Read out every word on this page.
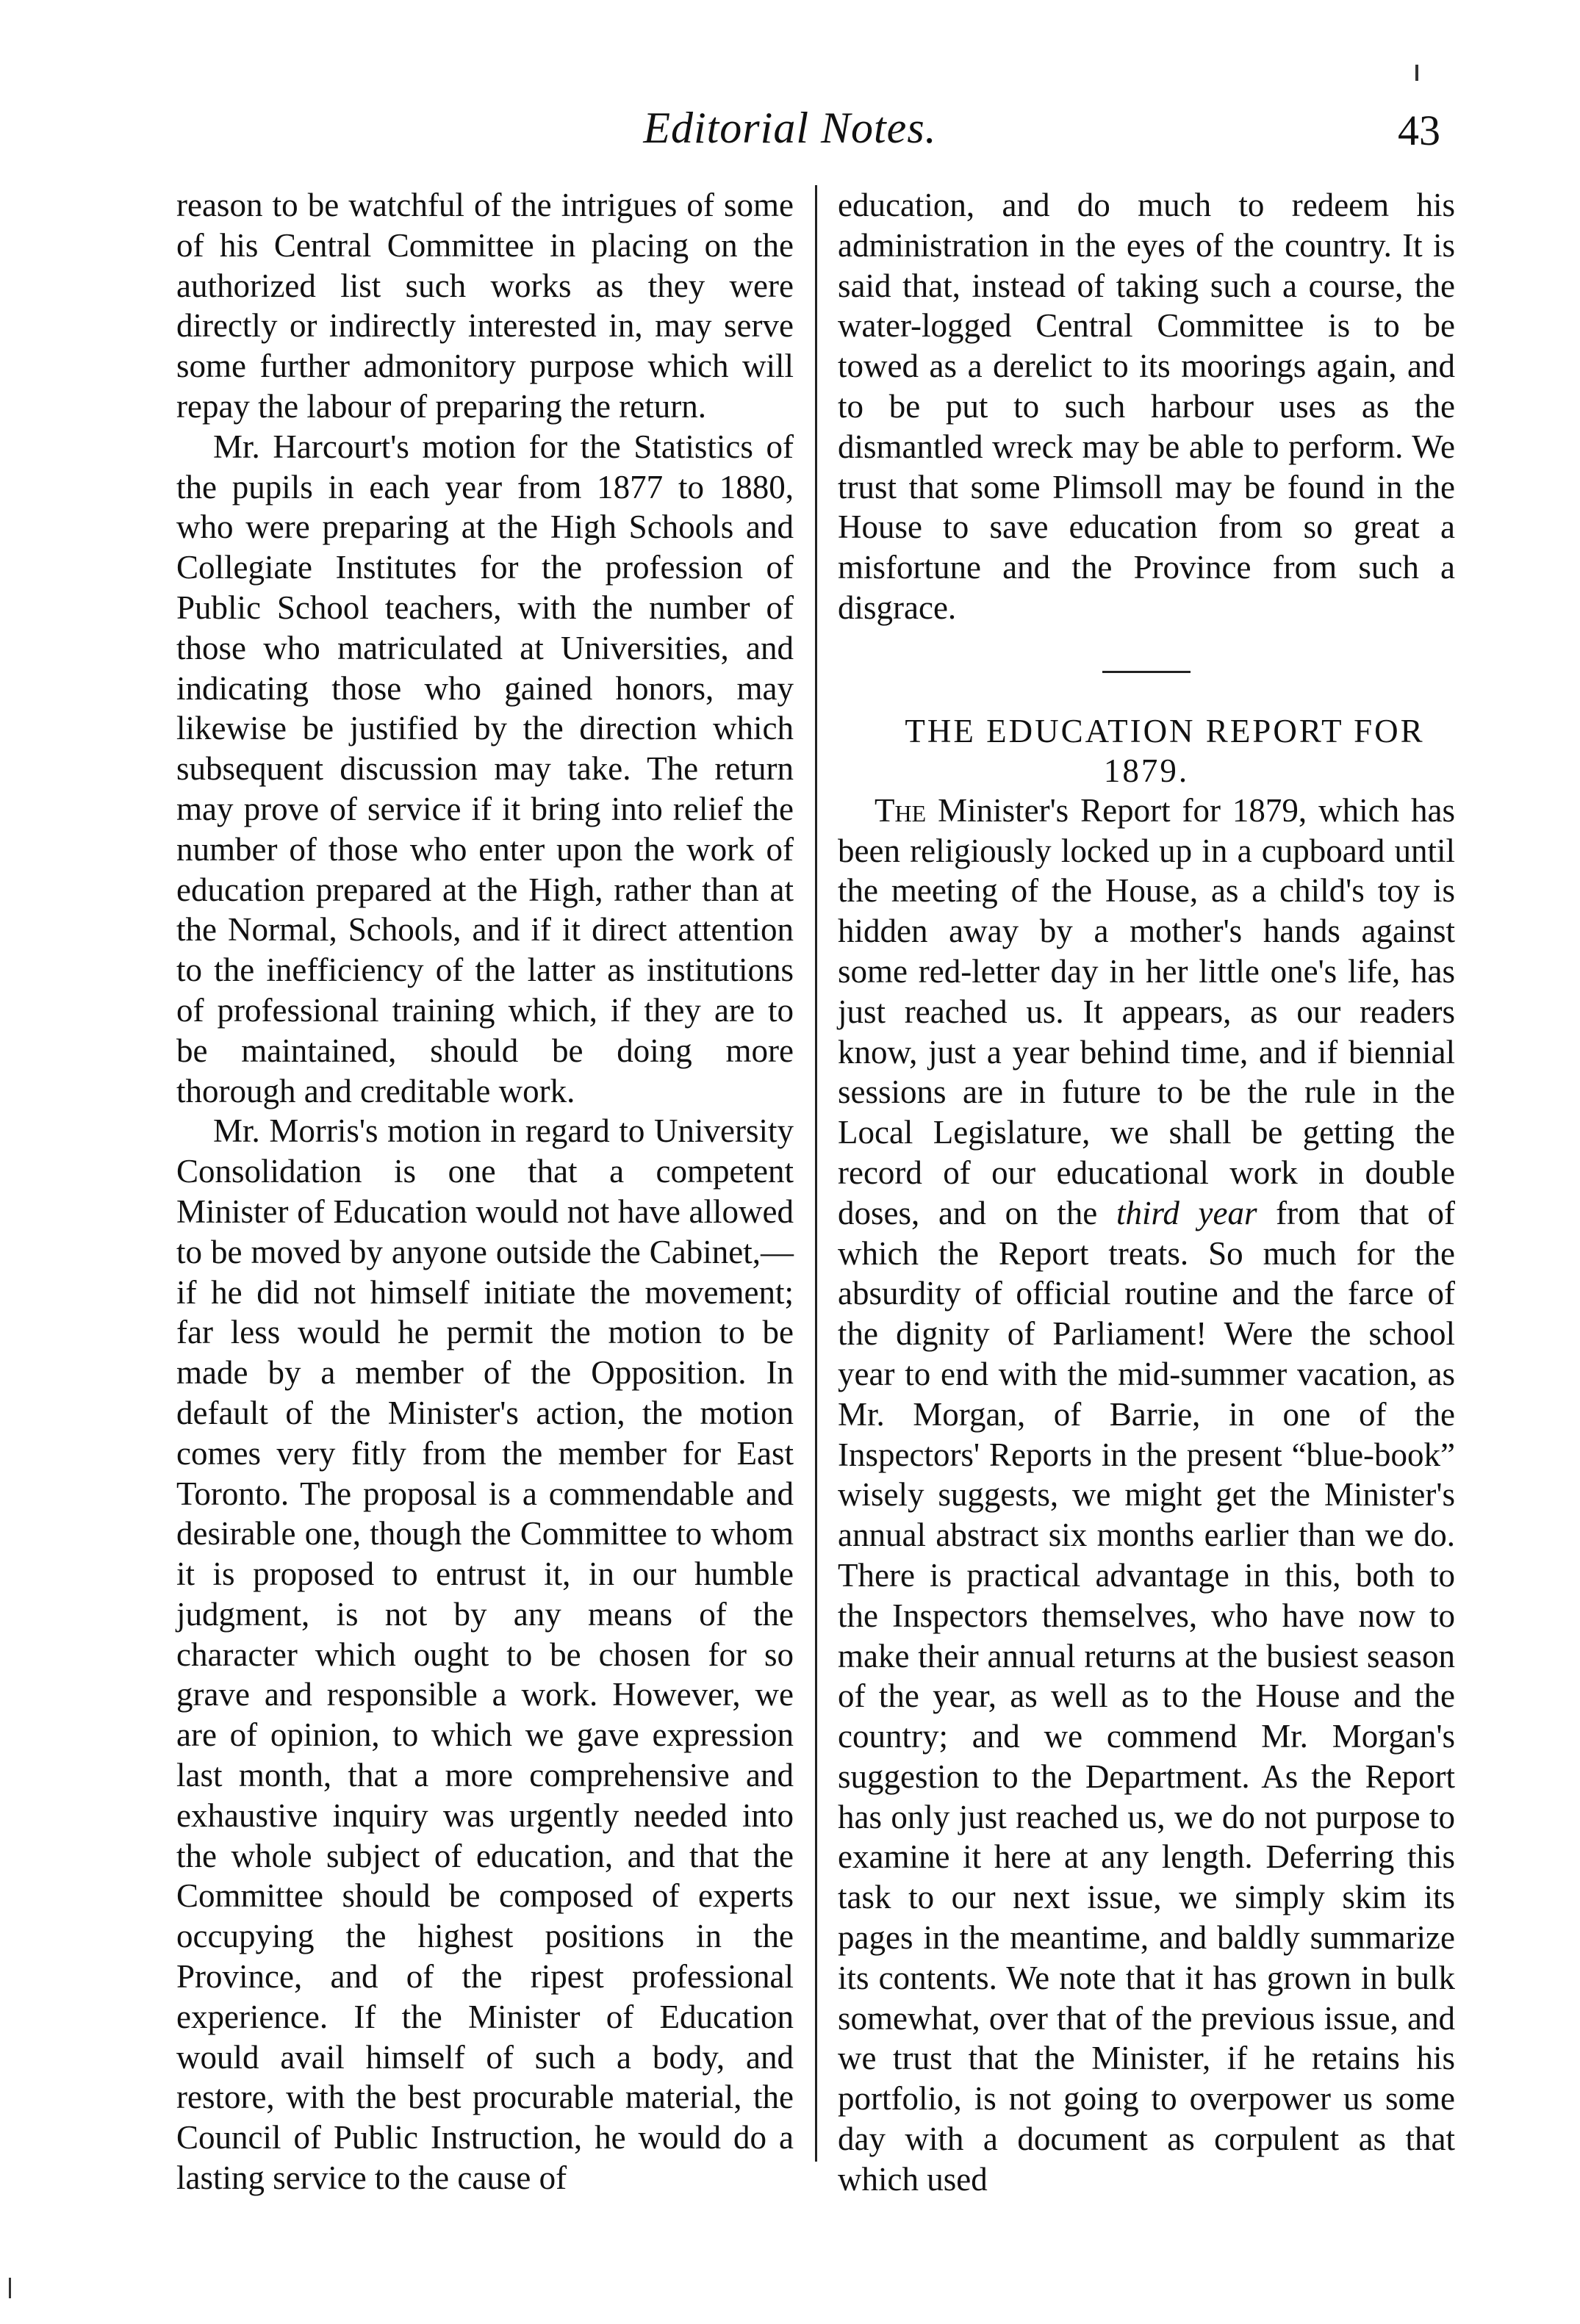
Editorial Notes.	43

reason to be watchful of the intrigues of some of his Central Committee in placing on the authorized list such works as they were directly or indirectly interested in, may serve some further admonitory purpose which will repay the labour of preparing the return.

Mr. Harcourt's motion for the Statistics of the pupils in each year from 1877 to 1880, who were preparing at the High Schools and Collegiate Institutes for the profession of Public School teachers, with the number of those who matriculated at Universities, and indicating those who gained honors, may likewise be justified by the direction which subsequent discussion may take. The return may prove of service if it bring into relief the number of those who enter upon the work of education prepared at the High, rather than at the Normal, Schools, and if it direct attention to the inefficiency of the latter as institutions of professional training which, if they are to be maintained, should be doing more thorough and creditable work.

Mr. Morris's motion in regard to University Consolidation is one that a competent Minister of Education would not have allowed to be moved by anyone outside the Cabinet,—if he did not himself initiate the movement; far less would he permit the motion to be made by a member of the Opposition. In default of the Minister's action, the motion comes very fitly from the member for East Toronto. The proposal is a commendable and desirable one, though the Committee to whom it is proposed to entrust it, in our humble judgment, is not by any means of the character which ought to be chosen for so grave and responsible a work. However, we are of opinion, to which we gave expression last month, that a more comprehensive and exhaustive inquiry was urgently needed into the whole subject of education, and that the Committee should be composed of experts occupying the highest positions in the Province, and of the ripest professional experience. If the Minister of Education would avail himself of such a body, and restore, with the best procurable material, the Council of Public Instruction, he would do a lasting service to the cause of

education, and do much to redeem his administration in the eyes of the country. It is said that, instead of taking such a course, the water-logged Central Committee is to be towed as a derelict to its moorings again, and to be put to such harbour uses as the dismantled wreck may be able to perform. We trust that some Plimsoll may be found in the House to save education from so great a misfortune and the Province from such a disgrace.

THE EDUCATION REPORT FOR 1879.

The Minister's Report for 1879, which has been religiously locked up in a cupboard until the meeting of the House, as a child's toy is hidden away by a mother's hands against some red-letter day in her little one's life, has just reached us. It appears, as our readers know, just a year behind time, and if biennial sessions are in future to be the rule in the Local Legislature, we shall be getting the record of our educational work in double doses, and on the third year from that of which the Report treats. So much for the absurdity of official routine and the farce of the dignity of Parliament! Were the school year to end with the mid-summer vacation, as Mr. Morgan, of Barrie, in one of the Inspectors' Reports in the present “blue-book” wisely suggests, we might get the Minister's annual abstract six months earlier than we do. There is practical advantage in this, both to the Inspectors themselves, who have now to make their annual returns at the busiest season of the year, as well as to the House and the country; and we commend Mr. Morgan's suggestion to the Department. As the Report has only just reached us, we do not purpose to examine it here at any length. Deferring this task to our next issue, we simply skim its pages in the meantime, and baldly summarize its contents. We note that it has grown in bulk somewhat, over that of the previous issue, and we trust that the Minister, if he retains his portfolio, is not going to overpower us some day with a document as corpulent as that which used
